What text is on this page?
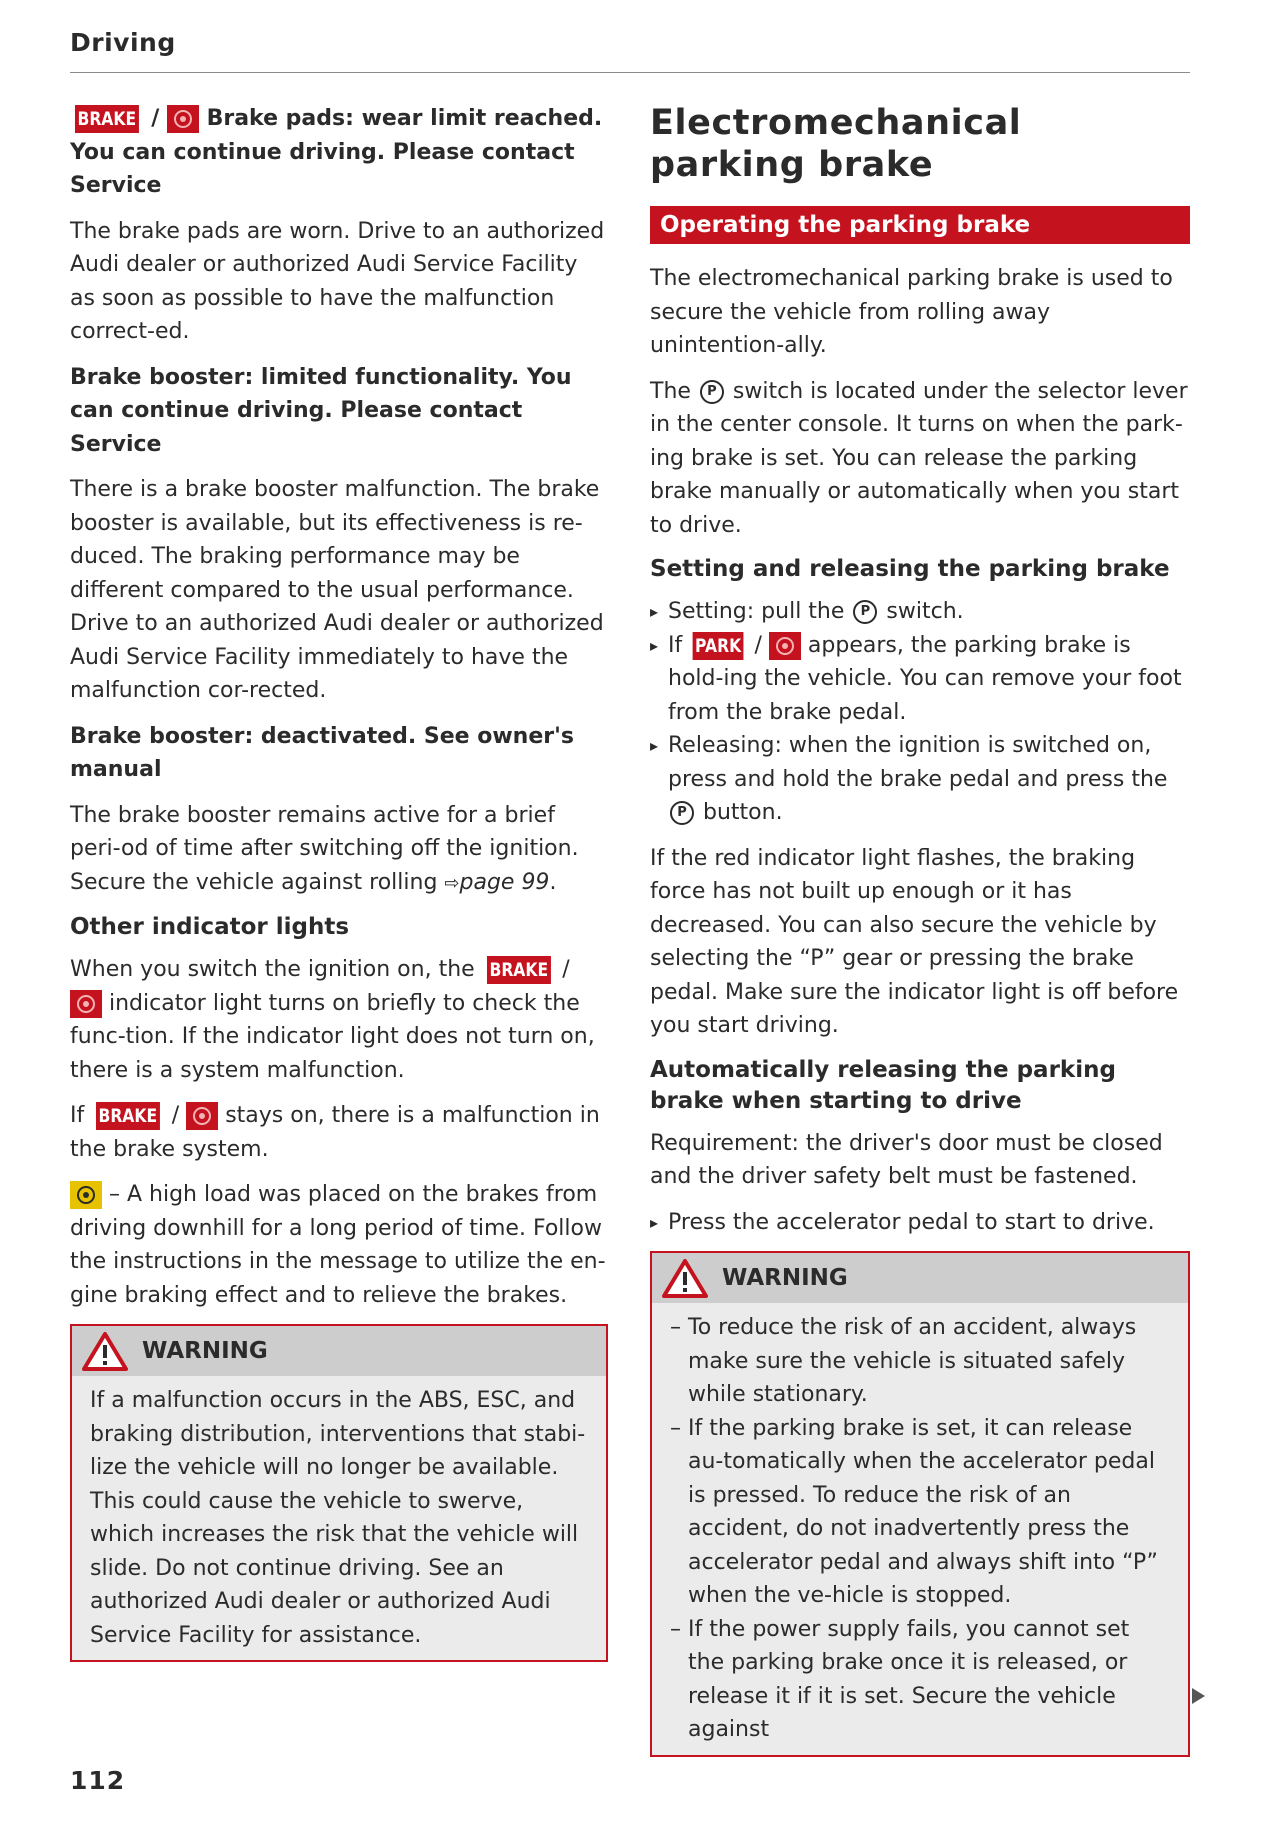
Driving
BRAKE / Brake pads: wear limit reached. You can continue driving. Please contact Service

The brake pads are worn. Drive to an authorized Audi dealer or authorized Audi Service Facility as soon as possible to have the malfunction correct-ed.

Brake booster: limited functionality. You can continue driving. Please contact Service

There is a brake booster malfunction. The brake booster is available, but its effectiveness is re-duced. The braking performance may be different compared to the usual performance. Drive to an authorized Audi dealer or authorized Audi Service Facility immediately to have the malfunction cor-rected.

Brake booster: deactivated. See owner's manual

The brake booster remains active for a brief peri-od of time after switching off the ignition. Secure the vehicle against rolling ⇨page 99.

Other indicator lights

When you switch the ignition on, the BRAKE /  indicator light turns on briefly to check the func-tion. If the indicator light does not turn on, there is a system malfunction.

If BRAKE / stays on, there is a malfunction in the brake system.

– A high load was placed on the brakes from driving downhill for a long period of time. Follow the instructions in the message to utilize the en-gine braking effect and to relieve the brakes.

WARNING

If a malfunction occurs in the ABS, ESC, and braking distribution, interventions that stabi-lize the vehicle will no longer be available. This could cause the vehicle to swerve, which increases the risk that the vehicle will slide. Do not continue driving. See an authorized Audi dealer or authorized Audi Service Facility for assistance.

Electromechanical
parking brake
Operating the parking brake

The electromechanical parking brake is used to secure the vehicle from rolling away unintention-ally.

The P switch is located under the selector lever in the center console. It turns on when the park-ing brake is set. You can release the parking brake manually or automatically when you start to drive.

Setting and releasing the parking brake
▸ Setting: pull the P switch.
▸ If PARK / appears, the parking brake is hold-ing the vehicle. You can remove your foot from the brake pedal.
▸ Releasing: when the ignition is switched on, press and hold the brake pedal and press the P button.

If the red indicator light flashes, the braking force has not built up enough or it has decreased. You can also secure the vehicle by selecting the “P” gear or pressing the brake pedal. Make sure the indicator light is off before you start driving.

Automatically releasing the parking brake when starting to drive

Requirement: the driver's door must be closed and the driver safety belt must be fastened.

▸ Press the accelerator pedal to start to drive.
WARNING
– To reduce the risk of an accident, always make sure the vehicle is situated safely while stationary.
– If the parking brake is set, it can release au-tomatically when the accelerator pedal is pressed. To reduce the risk of an accident, do not inadvertently press the accelerator pedal and always shift into “P” when the ve-hicle is stopped.
– If the power supply fails, you cannot set the parking brake once it is released, or release it if it is set. Secure the vehicle against
112
